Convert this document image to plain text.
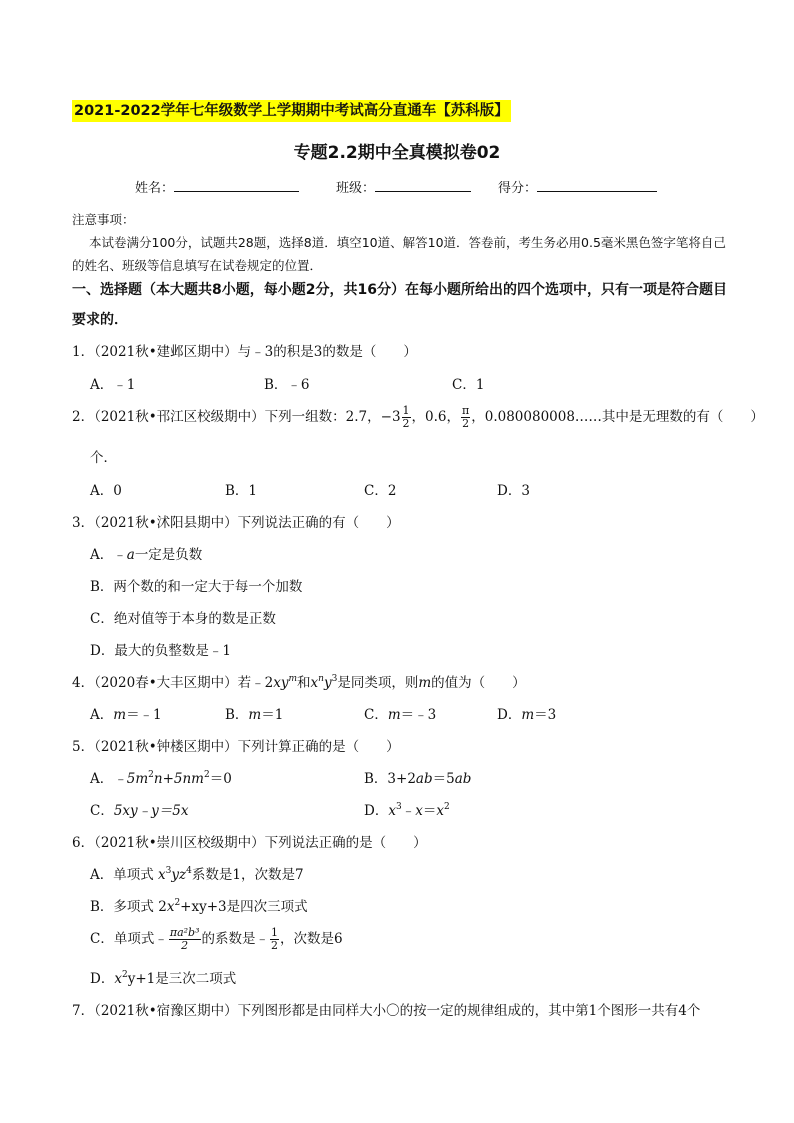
2021-2022学年七年级数学上学期期中考试高分直通车【苏科版】
专题2.2期中全真模拟卷02
姓名：	班级：	得分：
注意事项：
本试卷满分100分，试题共28题，选择8道．填空10道、解答10道．答卷前，考生务必用0.5毫米黑色签字笔将自己的姓名、班级等信息填写在试卷规定的位置．
一、选择题（本大题共8小题，每小题2分，共16分）在每小题所给出的四个选项中，只有一项是符合题目要求的．
1．（2021秋•建邺区期中）与﹣3的积是3的数是（　　）
A．﹣1	B．﹣6	C．1
2．（2021秋•邗江区校级期中）下列一组数：2.7，$-3 \frac{1}{2}$ ，0.6， $\frac{\pi}{2}$ ，0.080080008……其中是无理数的有（　　）
个．
A．0	B．1	C．2	D．3
3．（2021秋•沭阳县期中）下列说法正确的有（　　）
A．﹣a一定是负数
B．两个数的和一定大于每一个加数
C．绝对值等于本身的数是正数
D．最大的负整数是﹣1
4．（2020春•大丰区期中）若$﹣2xy^m$和$x^ny^3$是同类项，则m的值为（　　）
A．m＝﹣1	B．m＝1	C．m＝﹣3	D．m＝3
5．（2021秋•钟楼区期中）下列计算正确的是（　　）
A．$﹣5m^2n+5nm^2=0$	B．3+2ab＝5ab
C．5xy﹣y＝5x	D．$x^3﹣x=x^2$
6．（2021秋•崇川区校级期中）下列说法正确的是（　　）
A．单项式 $x^3yz^4$系数是1，次数是7
B．多项式 $2x^2+xy+3$是四次三项式
C．单项式﹣ $\frac{\text{πa²b³}}{2}$ 的系数是﹣ $\frac{1}{2}$ ，次数是6
D．$x^2y+1$是三次二项式
7．（2021秋•宿豫区期中）下列图形都是由同样大小〇的按一定的规律组成的，其中第1个图形一共有4个
